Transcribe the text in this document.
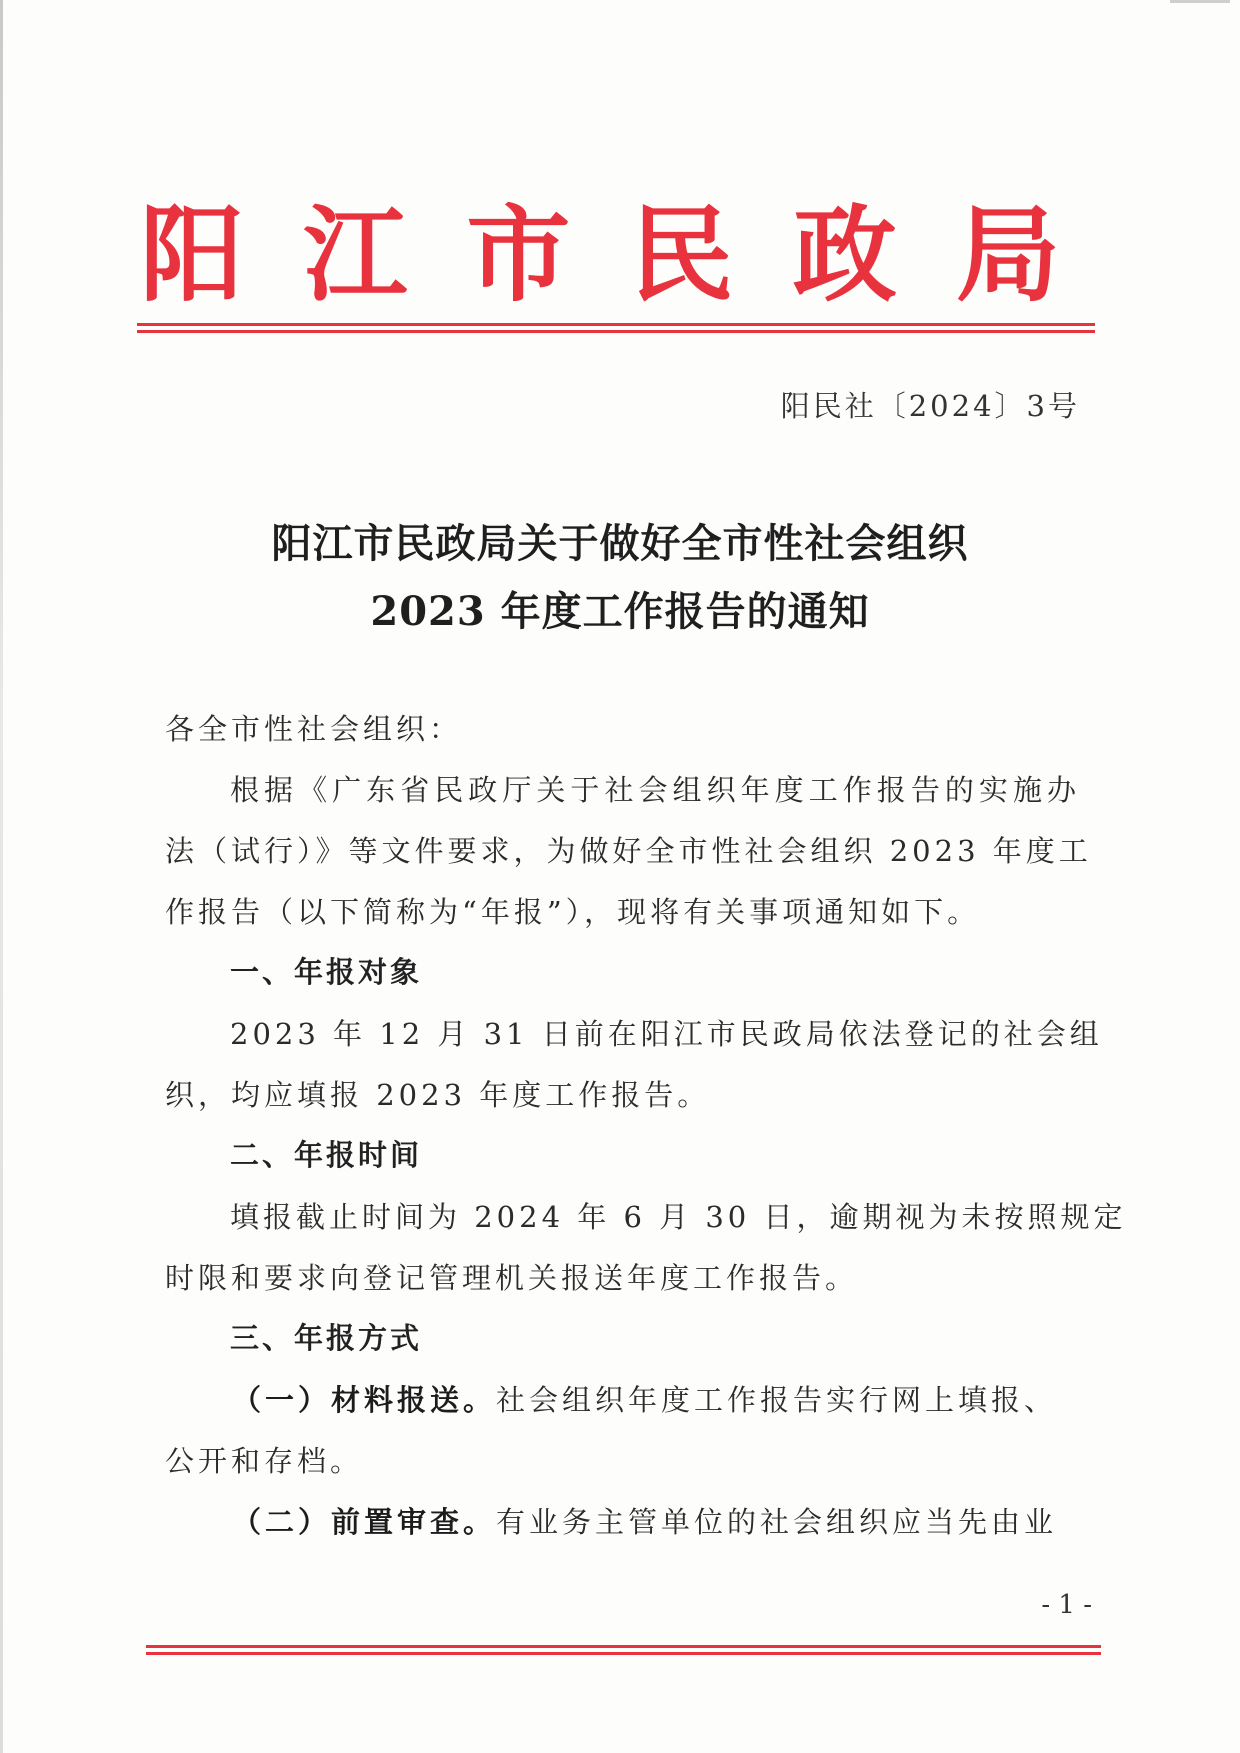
阳 江 市 民 政 局
阳民社〔2024〕3号
阳江市民政局关于做好全市性社会组织
2023 年度工作报告的通知
各全市性社会组织：
根据《广东省民政厅关于社会组织年度工作报告的实施办
法（试行）》等文件要求，为做好全市性社会组织 2023 年度工
作报告（以下简称为“年报”），现将有关事项通知如下。
一、年报对象
2023 年 12 月 31 日前在阳江市民政局依法登记的社会组
织，均应填报 2023 年度工作报告。
二、年报时间
填报截止时间为 2024 年 6 月 30 日，逾期视为未按照规定
时限和要求向登记管理机关报送年度工作报告。
三、年报方式
（一）材料报送。社会组织年度工作报告实行网上填报、
公开和存档。
（二）前置审查。有业务主管单位的社会组织应当先由业
- 1 -
